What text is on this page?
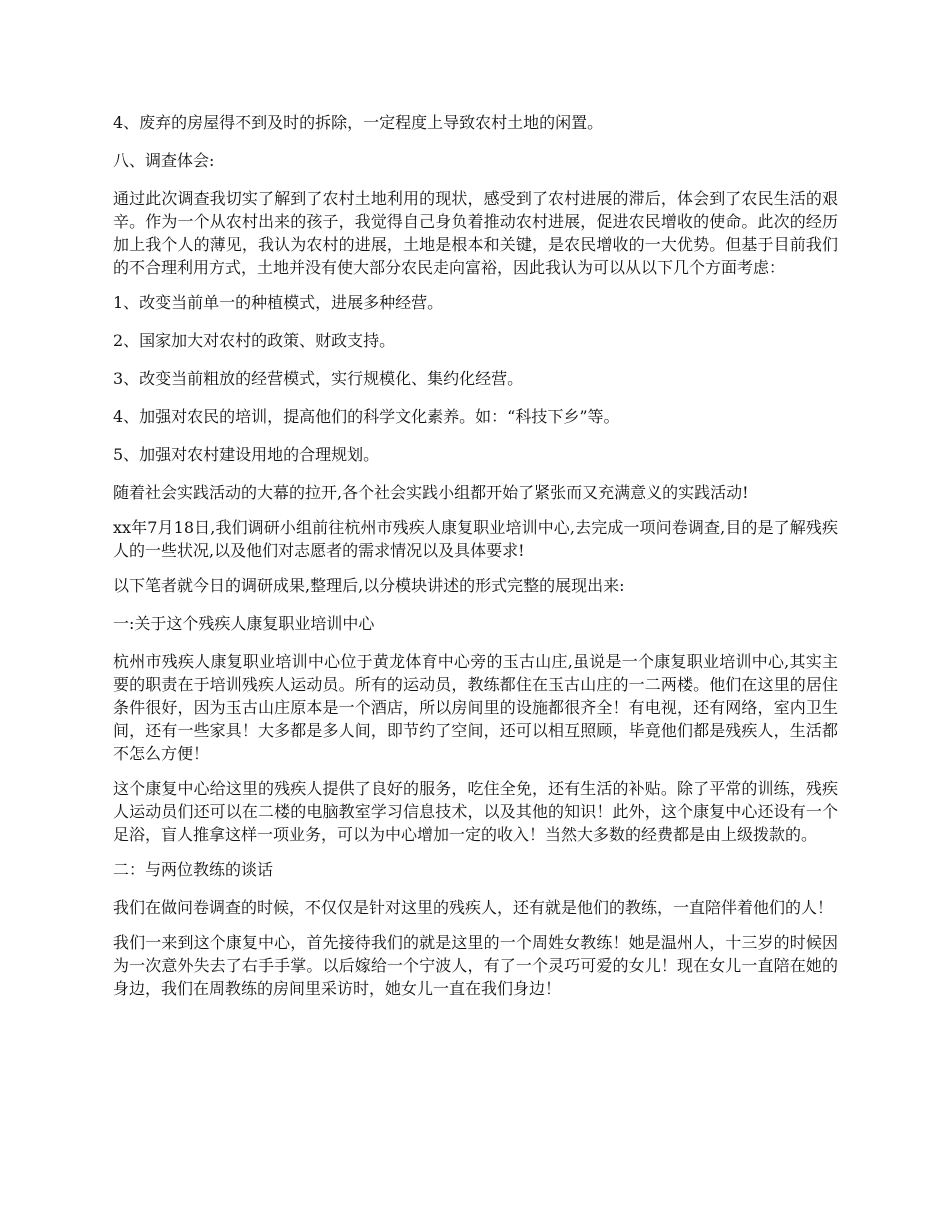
4、废弃的房屋得不到及时的拆除，一定程度上导致农村土地的闲置。

八、调查体会:

通过此次调查我切实了解到了农村土地利用的现状，感受到了农村进展的滞后，体会到了农民生活的艰辛。作为一个从农村出来的孩子，我觉得自己身负着推动农村进展，促进农民增收的使命。此次的经历加上我个人的薄见，我认为农村的进展，土地是根本和关键，是农民增收的一大优势。但基于目前我们的不合理利用方式，土地并没有使大部分农民走向富裕，因此我认为可以从以下几个方面考虑：

1、改变当前单一的种植模式，进展多种经营。

2、国家加大对农村的政策、财政支持。

3、改变当前粗放的经营模式，实行规模化、集约化经营。

4、加强对农民的培训，提高他们的科学文化素养。如：“科技下乡”等。

5、加强对农村建设用地的合理规划。

随着社会实践活动的大幕的拉开,各个社会实践小组都开始了紧张而又充满意义的实践活动!

xx年7月18日,我们调研小组前往杭州市残疾人康复职业培训中心,去完成一项问卷调查,目的是了解残疾人的一些状况,以及他们对志愿者的需求情况以及具体要求!

以下笔者就今日的调研成果,整理后,以分模块讲述的形式完整的展现出来:

一:关于这个残疾人康复职业培训中心

杭州市残疾人康复职业培训中心位于黄龙体育中心旁的玉古山庄,虽说是一个康复职业培训中心,其实主要的职责在于培训残疾人运动员。所有的运动员，教练都住在玉古山庄的一二两楼。他们在这里的居住条件很好，因为玉古山庄原本是一个酒店，所以房间里的设施都很齐全！有电视，还有网络，室内卫生间，还有一些家具！大多都是多人间，即节约了空间，还可以相互照顾，毕竟他们都是残疾人，生活都不怎么方便！

这个康复中心给这里的残疾人提供了良好的服务，吃住全免，还有生活的补贴。除了平常的训练，残疾人运动员们还可以在二楼的电脑教室学习信息技术，以及其他的知识！此外，这个康复中心还设有一个足浴，盲人推拿这样一项业务，可以为中心增加一定的收入！当然大多数的经费都是由上级拨款的。

二：与两位教练的谈话

我们在做问卷调查的时候，不仅仅是针对这里的残疾人，还有就是他们的教练，一直陪伴着他们的人！

我们一来到这个康复中心，首先接待我们的就是这里的一个周姓女教练！她是温州人，十三岁的时候因为一次意外失去了右手手掌。以后嫁给一个宁波人，有了一个灵巧可爱的女儿！现在女儿一直陪在她的身边，我们在周教练的房间里采访时，她女儿一直在我们身边！
